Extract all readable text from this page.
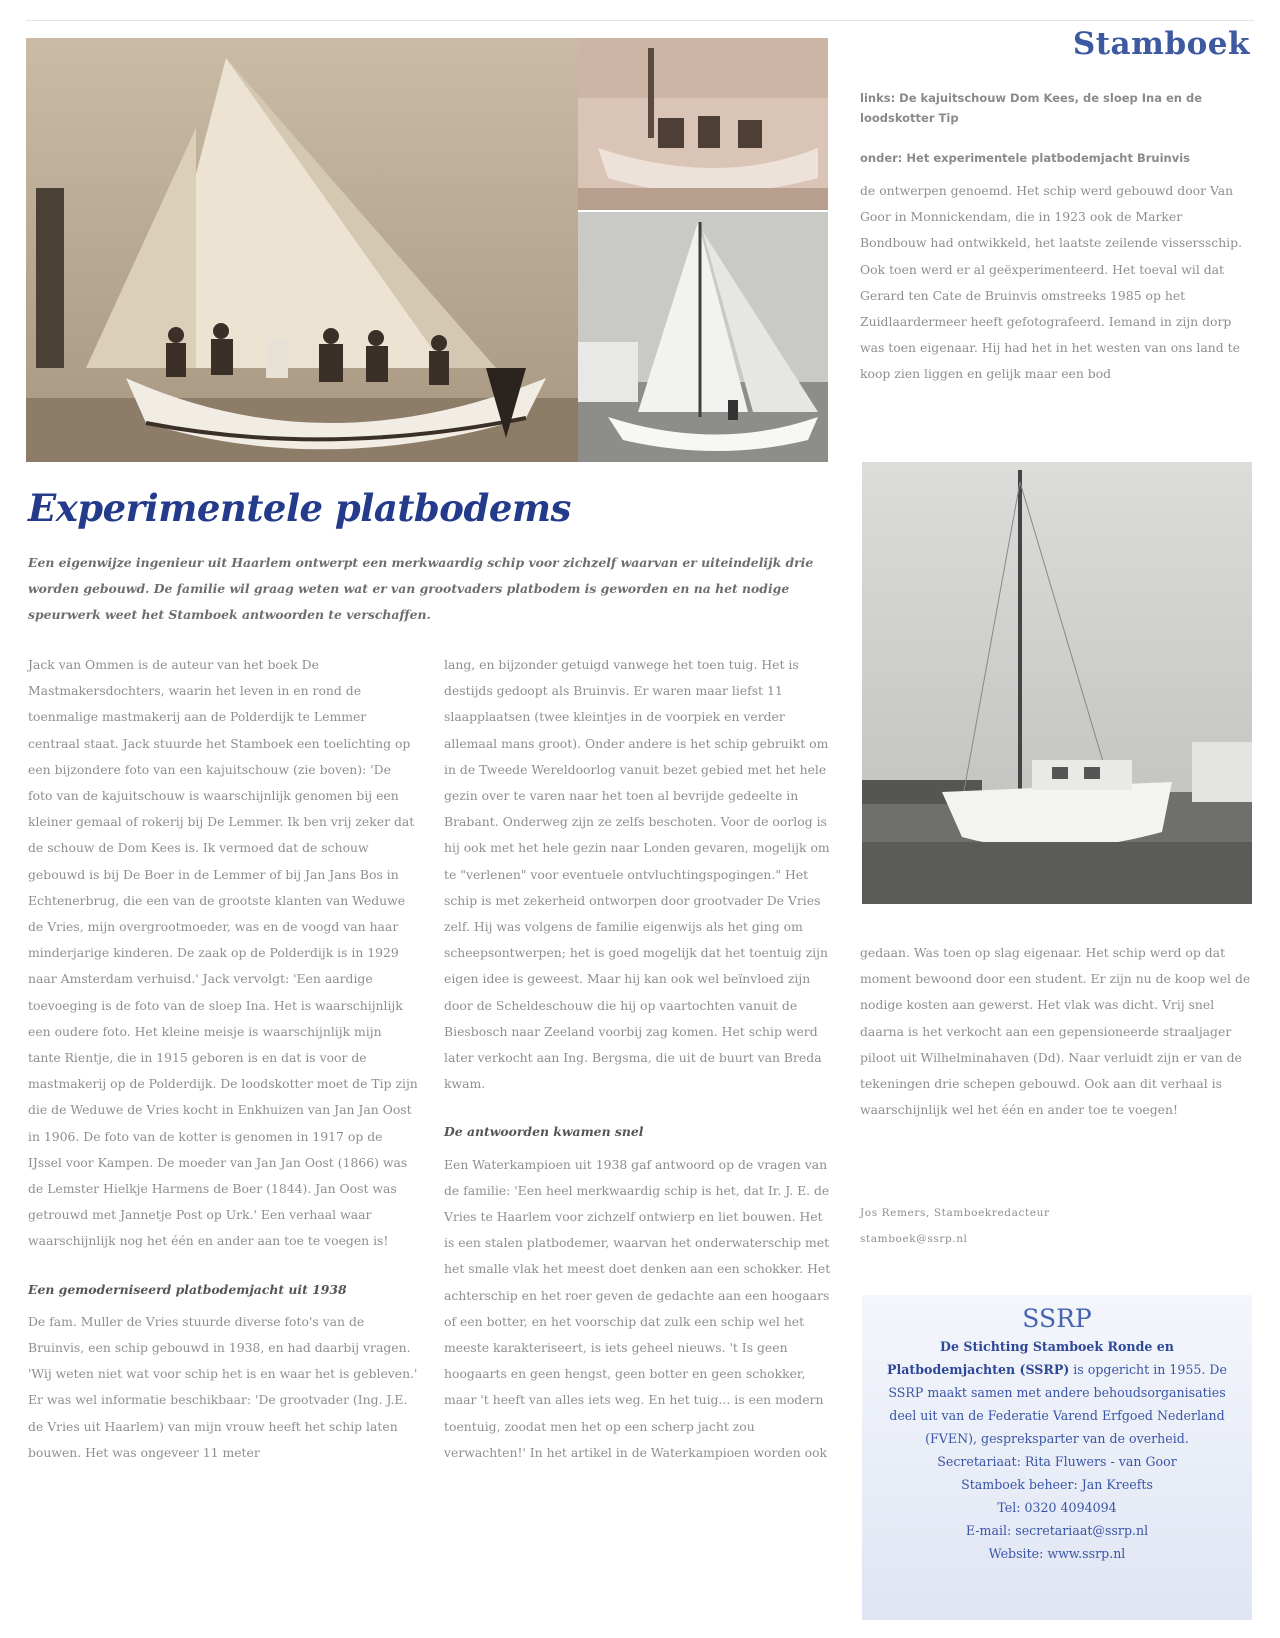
Stamboek
links: De kajuitschouw Dom Kees, de sloep Ina en de loodskotter Tip
onder: Het experimentele platbodemjacht Bruinvis
Experimentele platbodems
Een eigenwijze ingenieur uit Haarlem ontwerpt een merkwaardig schip voor zichzelf waarvan er uiteindelijk drie worden gebouwd. De familie wil graag weten wat er van grootvaders platbodem is geworden en na het nodige speurwerk weet het Stamboek antwoorden te verschaffen.

Jack van Ommen is de auteur van het boek De Mastmakersdochters, waarin het leven in en rond de toenmalige mastmakerij aan de Polderdijk te Lemmer centraal staat. Jack stuurde het Stamboek een toelichting op een bijzondere foto van een kajuitschouw (zie boven): 'De foto van de kajuitschouw is waarschijnlijk genomen bij een kleiner gemaal of rokerij bij De Lemmer. Ik ben vrij zeker dat de schouw de Dom Kees is. Ik vermoed dat de schouw gebouwd is bij De Boer in de Lemmer of bij Jan Jans Bos in Echtenerbrug, die een van de grootste klanten van Weduwe de Vries, mijn overgrootmoeder, was en de voogd van haar minderjarige kinderen. De zaak op de Polderdijk is in 1929 naar Amsterdam verhuisd.' Jack vervolgt: 'Een aardige toevoeging is de foto van de sloep Ina. Het is waarschijnlijk een oudere foto. Het kleine meisje is waarschijnlijk mijn tante Rientje, die in 1915 geboren is en dat is voor de mastmakerij op de Polderdijk. De loodskotter moet de Tip zijn die de Weduwe de Vries kocht in Enkhuizen van Jan Jan Oost in 1906. De foto van de kotter is genomen in 1917 op de IJssel voor Kampen. De moeder van Jan Jan Oost (1866) was de Lemster Hielkje Harmens de Boer (1844). Jan Oost was getrouwd met Jannetje Post op Urk.' Een verhaal waar waarschijnlijk nog het één en ander aan toe te voegen is!

Een gemoderniseerd platbodemjacht uit 1938

De fam. Muller de Vries stuurde diverse foto's van de Bruinvis, een schip gebouwd in 1938, en had daarbij vragen. 'Wij weten niet wat voor schip het is en waar het is gebleven.' Er was wel informatie beschikbaar: 'De grootvader (Ing. J.E. de Vries uit Haarlem) van mijn vrouw heeft het schip laten bouwen. Het was ongeveer 11 meter

lang, en bijzonder getuigd vanwege het toen tuig. Het is destijds gedoopt als Bruinvis. Er waren maar liefst 11 slaapplaatsen (twee kleintjes in de voorpiek en verder allemaal mans groot). Onder andere is het schip gebruikt om in de Tweede Wereldoorlog vanuit bezet gebied met het hele gezin over te varen naar het toen al bevrijde gedeelte in Brabant. Onderweg zijn ze zelfs beschoten. Voor de oorlog is hij ook met het hele gezin naar Londen gevaren, mogelijk om te "verlenen" voor eventuele ontvluchtingspogingen." Het schip is met zekerheid ontworpen door grootvader De Vries zelf. Hij was volgens de familie eigenwijs als het ging om scheepsontwerpen; het is goed mogelijk dat het toentuig zijn eigen idee is geweest. Maar hij kan ook wel beïnvloed zijn door de Scheldeschouw die hij op vaartochten vanuit de Biesbosch naar Zeeland voorbij zag komen. Het schip werd later verkocht aan Ing. Bergsma, die uit de buurt van Breda kwam.

De antwoorden kwamen snel

Een Waterkampioen uit 1938 gaf antwoord op de vragen van de familie: 'Een heel merkwaardig schip is het, dat Ir. J. E. de Vries te Haarlem voor zichzelf ontwierp en liet bouwen. Het is een stalen platbodemer, waarvan het onderwaterschip met het smalle vlak het meest doet denken aan een schokker. Het achterschip en het roer geven de gedachte aan een hoogaars of een botter, en het voorschip dat zulk een schip wel het meeste karakteriseert, is iets geheel nieuws. 't Is geen hoogaarts en geen hengst, geen botter en geen schokker, maar 't heeft van alles iets weg. En het tuig... is een modern toentuig, zoodat men het op een scherp jacht zou verwachten!' In het artikel in de Waterkampioen worden ook

de ontwerpen genoemd. Het schip werd gebouwd door Van Goor in Monnickendam, die in 1923 ook de Marker Bondbouw had ontwikkeld, het laatste zeilende vissersschip. Ook toen werd er al geëxperimenteerd. Het toeval wil dat Gerard ten Cate de Bruinvis omstreeks 1985 op het Zuidlaardermeer heeft gefotografeerd. Iemand in zijn dorp was toen eigenaar. Hij had het in het westen van ons land te koop zien liggen en gelijk maar een bod

gedaan. Was toen op slag eigenaar. Het schip werd op dat moment bewoond door een student. Er zijn nu de koop wel de nodige kosten aan gewerst. Het vlak was dicht. Vrij snel daarna is het verkocht aan een gepensioneerde straaljager piloot uit Wilhelminahaven (Dd). Naar verluidt zijn er van de tekeningen drie schepen gebouwd. Ook aan dit verhaal is waarschijnlijk wel het één en ander toe te voegen!

Jos Remers, Stamboekredacteur
stamboek@ssrp.nl
SSRP
De Stichting Stamboek Ronde en Platbodemjachten (SSRP) is opgericht in 1955. De SSRP maakt samen met andere behoudsorganisaties deel uit van de Federatie Varend Erfgoed Nederland (FVEN), gespreksparter van de overheid.
Secretariaat: Rita Fluwers - van Goor
Stamboek beheer: Jan Kreefts
Tel: 0320 4094094
E-mail: secretariaat@ssrp.nl
Website: www.ssrp.nl
